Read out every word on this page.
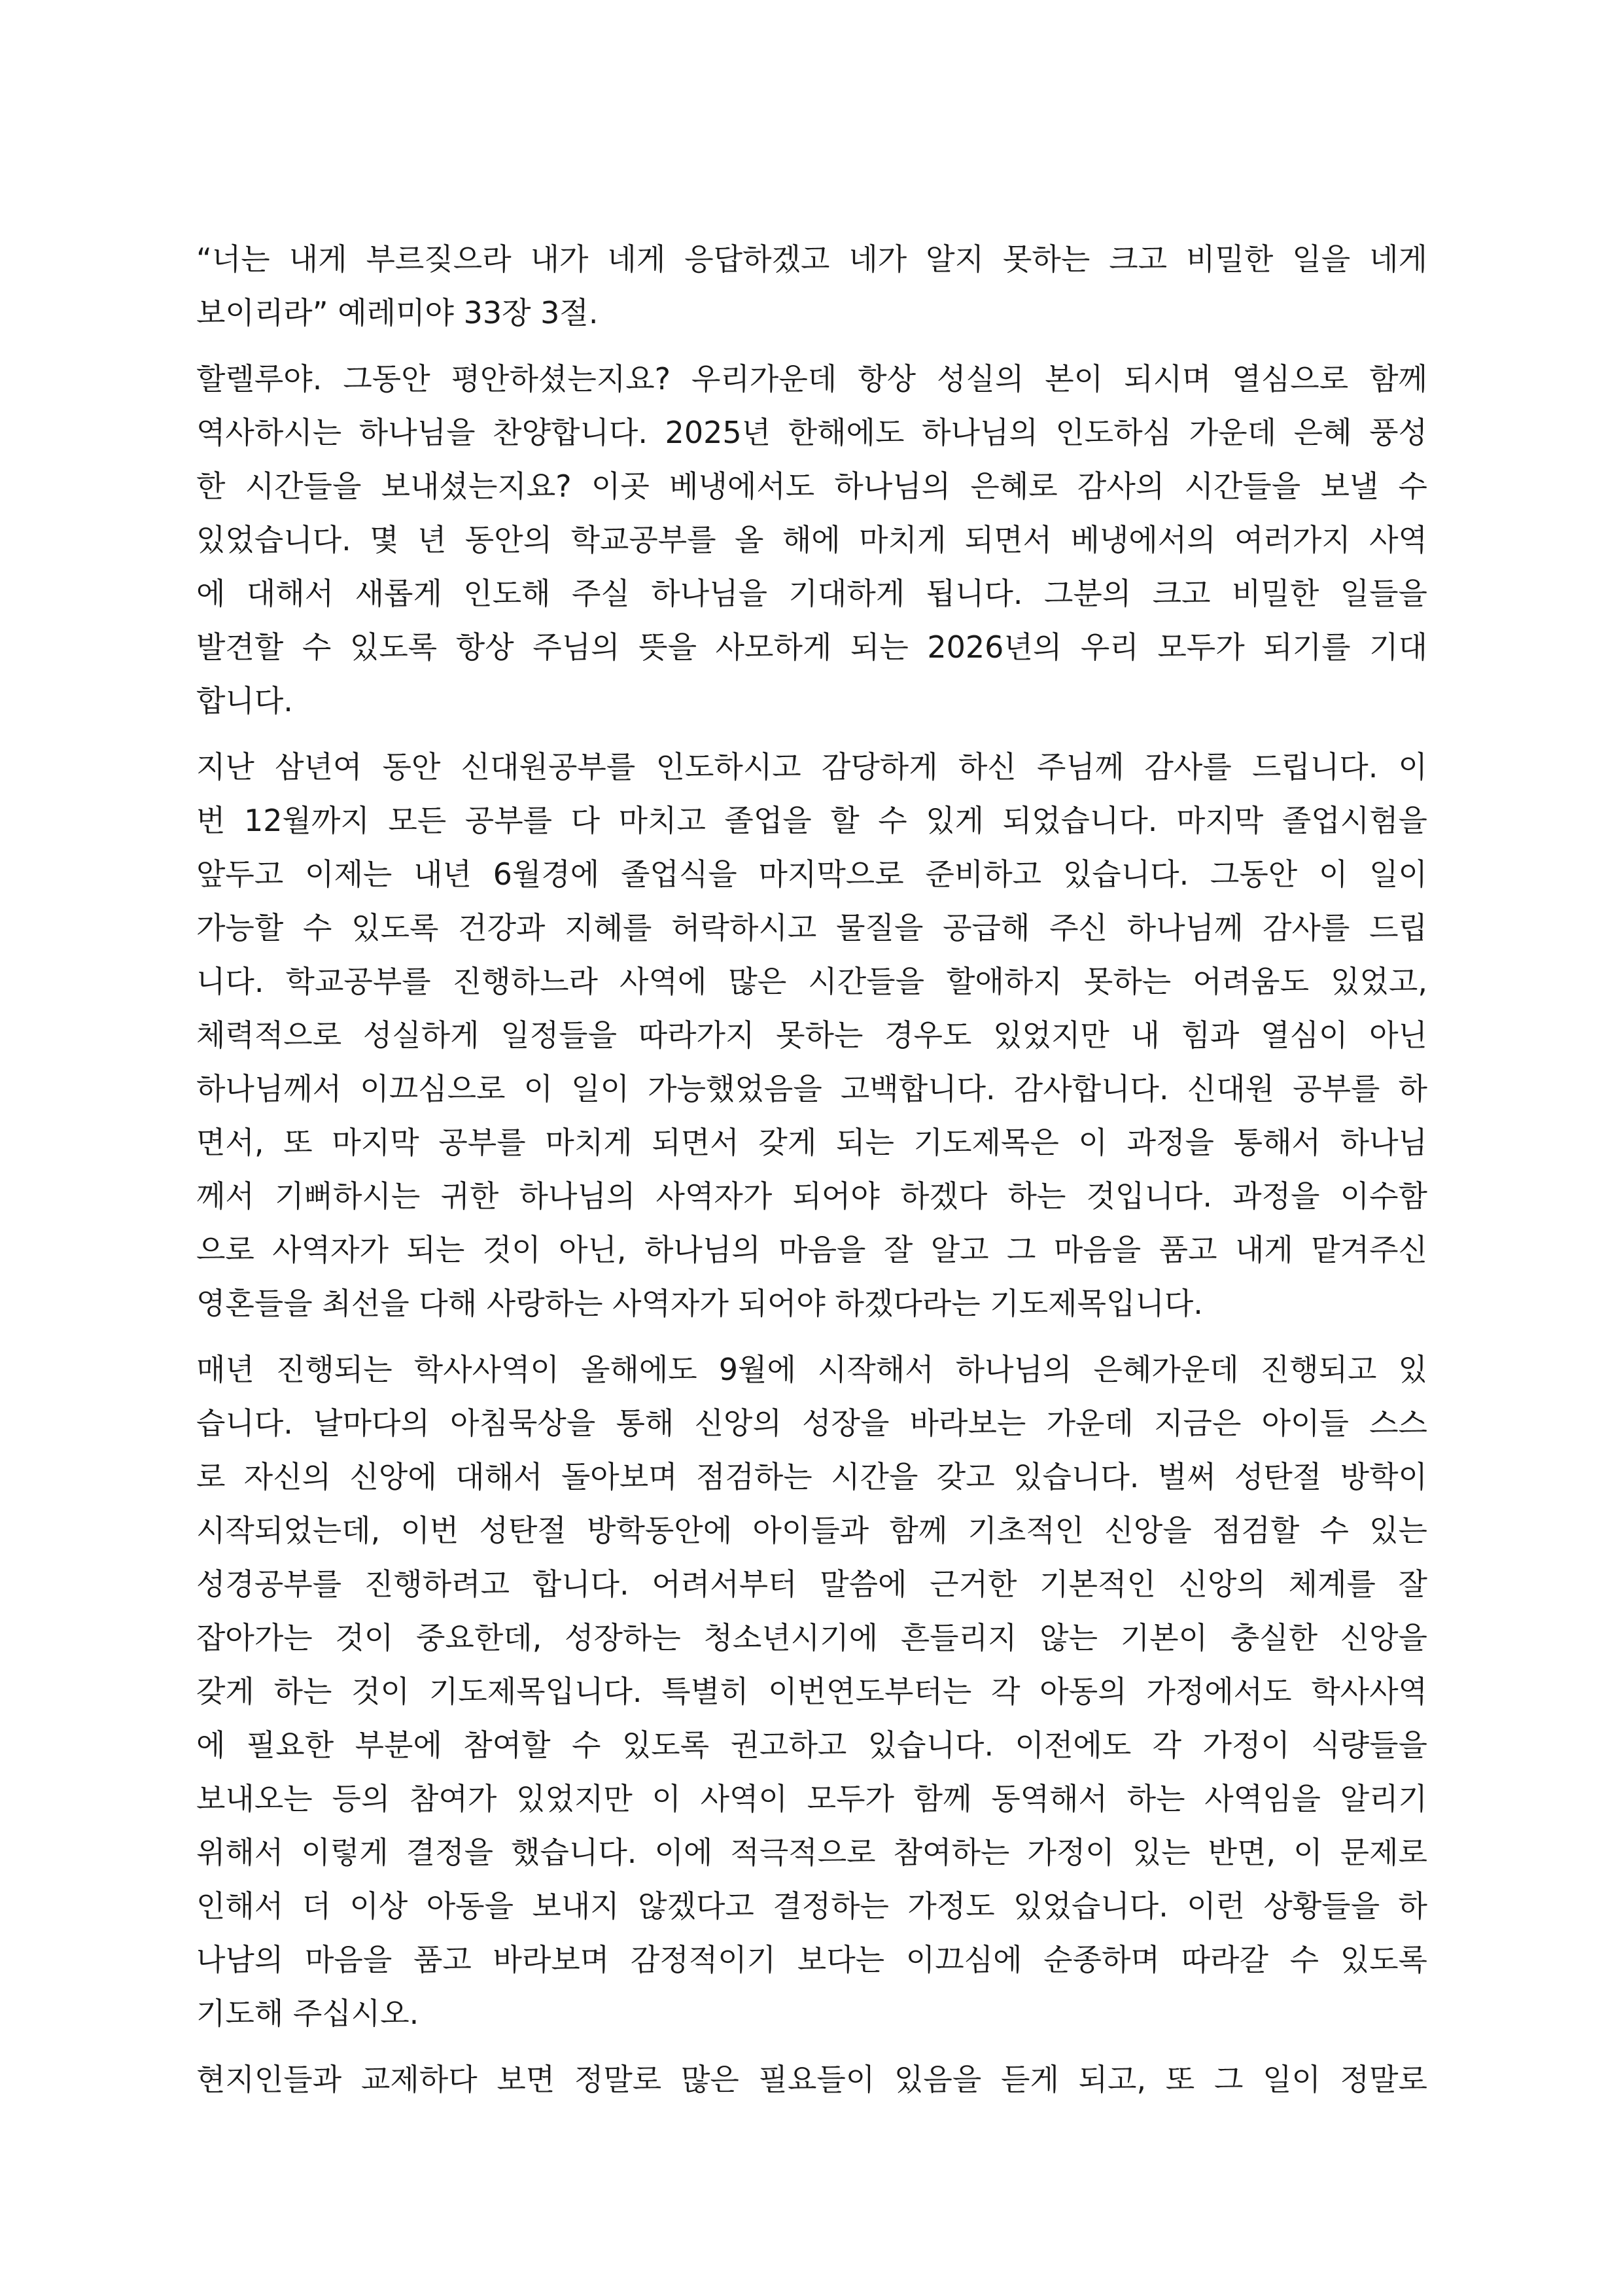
“너는 내게 부르짖으라 내가 네게 응답하겠고 네가 알지 못하는 크고 비밀한 일을 네게
보이리라” 예레미야 33장 3절.

할렐루야. 그동안 평안하셨는지요? 우리가운데 항상 성실의 본이 되시며 열심으로 함께
역사하시는 하나님을 찬양합니다. 2025년 한해에도 하나님의 인도하심 가운데 은혜 풍성
한 시간들을 보내셨는지요? 이곳 베냉에서도 하나님의 은혜로 감사의 시간들을 보낼 수
있었습니다. 몇 년 동안의 학교공부를 올 해에 마치게 되면서 베냉에서의 여러가지 사역
에 대해서 새롭게 인도해 주실 하나님을 기대하게 됩니다. 그분의 크고 비밀한 일들을
발견할 수 있도록 항상 주님의 뜻을 사모하게 되는 2026년의 우리 모두가 되기를 기대
합니다.

지난 삼년여 동안 신대원공부를 인도하시고 감당하게 하신 주님께 감사를 드립니다. 이
번 12월까지 모든 공부를 다 마치고 졸업을 할 수 있게 되었습니다. 마지막 졸업시험을
앞두고 이제는 내년 6월경에 졸업식을 마지막으로 준비하고 있습니다. 그동안 이 일이
가능할 수 있도록 건강과 지혜를 허락하시고 물질을 공급해 주신 하나님께 감사를 드립
니다. 학교공부를 진행하느라 사역에 많은 시간들을 할애하지 못하는 어려움도 있었고,
체력적으로 성실하게 일정들을 따라가지 못하는 경우도 있었지만 내 힘과 열심이 아닌
하나님께서 이끄심으로 이 일이 가능했었음을 고백합니다. 감사합니다. 신대원 공부를 하
면서, 또 마지막 공부를 마치게 되면서 갖게 되는 기도제목은 이 과정을 통해서 하나님
께서 기뻐하시는 귀한 하나님의 사역자가 되어야 하겠다 하는 것입니다. 과정을 이수함
으로 사역자가 되는 것이 아닌, 하나님의 마음을 잘 알고 그 마음을 품고 내게 맡겨주신
영혼들을 최선을 다해 사랑하는 사역자가 되어야 하겠다라는 기도제목입니다.

매년 진행되는 학사사역이 올해에도 9월에 시작해서 하나님의 은혜가운데 진행되고 있
습니다. 날마다의 아침묵상을 통해 신앙의 성장을 바라보는 가운데 지금은 아이들 스스
로 자신의 신앙에 대해서 돌아보며 점검하는 시간을 갖고 있습니다. 벌써 성탄절 방학이
시작되었는데, 이번 성탄절 방학동안에 아이들과 함께 기초적인 신앙을 점검할 수 있는
성경공부를 진행하려고 합니다. 어려서부터 말씀에 근거한 기본적인 신앙의 체계를 잘
잡아가는 것이 중요한데, 성장하는 청소년시기에 흔들리지 않는 기본이 충실한 신앙을
갖게 하는 것이 기도제목입니다. 특별히 이번연도부터는 각 아동의 가정에서도 학사사역
에 필요한 부분에 참여할 수 있도록 권고하고 있습니다. 이전에도 각 가정이 식량들을
보내오는 등의 참여가 있었지만 이 사역이 모두가 함께 동역해서 하는 사역임을 알리기
위해서 이렇게 결정을 했습니다. 이에 적극적으로 참여하는 가정이 있는 반면, 이 문제로
인해서 더 이상 아동을 보내지 않겠다고 결정하는 가정도 있었습니다. 이런 상황들을 하
나남의 마음을 품고 바라보며 감정적이기 보다는 이끄심에 순종하며 따라갈 수 있도록
기도해 주십시오.

현지인들과 교제하다 보면 정말로 많은 필요들이 있음을 듣게 되고, 또 그 일이 정말로
